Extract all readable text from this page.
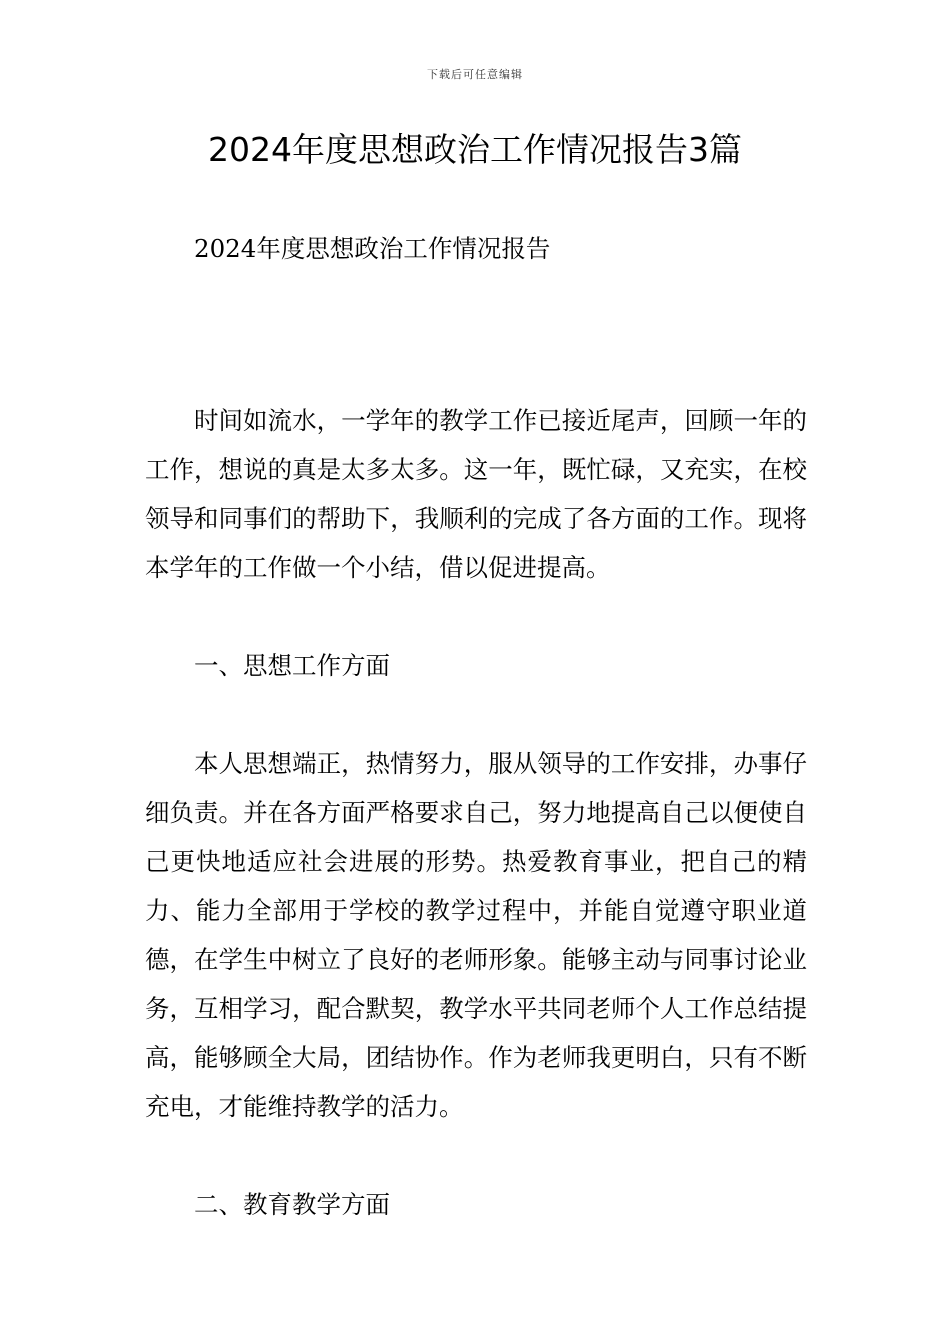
下载后可任意编辑
2024年度思想政治工作情况报告3篇

2024年度思想政治工作情况报告

时间如流水，一学年的教学工作已接近尾声，回顾一年的工作，想说的真是太多太多。这一年，既忙碌，又充实，在校领导和同事们的帮助下，我顺利的完成了各方面的工作。现将本学年的工作做一个小结，借以促进提高。

一、思想工作方面

本人思想端正，热情努力，服从领导的工作安排，办事仔细负责。并在各方面严格要求自己，努力地提高自己以便使自己更快地适应社会进展的形势。热爱教育事业，把自己的精力、能力全部用于学校的教学过程中，并能自觉遵守职业道德，在学生中树立了良好的老师形象。能够主动与同事讨论业务，互相学习，配合默契，教学水平共同老师个人工作总结提高，能够顾全大局，团结协作。作为老师我更明白，只有不断充电，才能维持教学的活力。

二、教育教学方面
